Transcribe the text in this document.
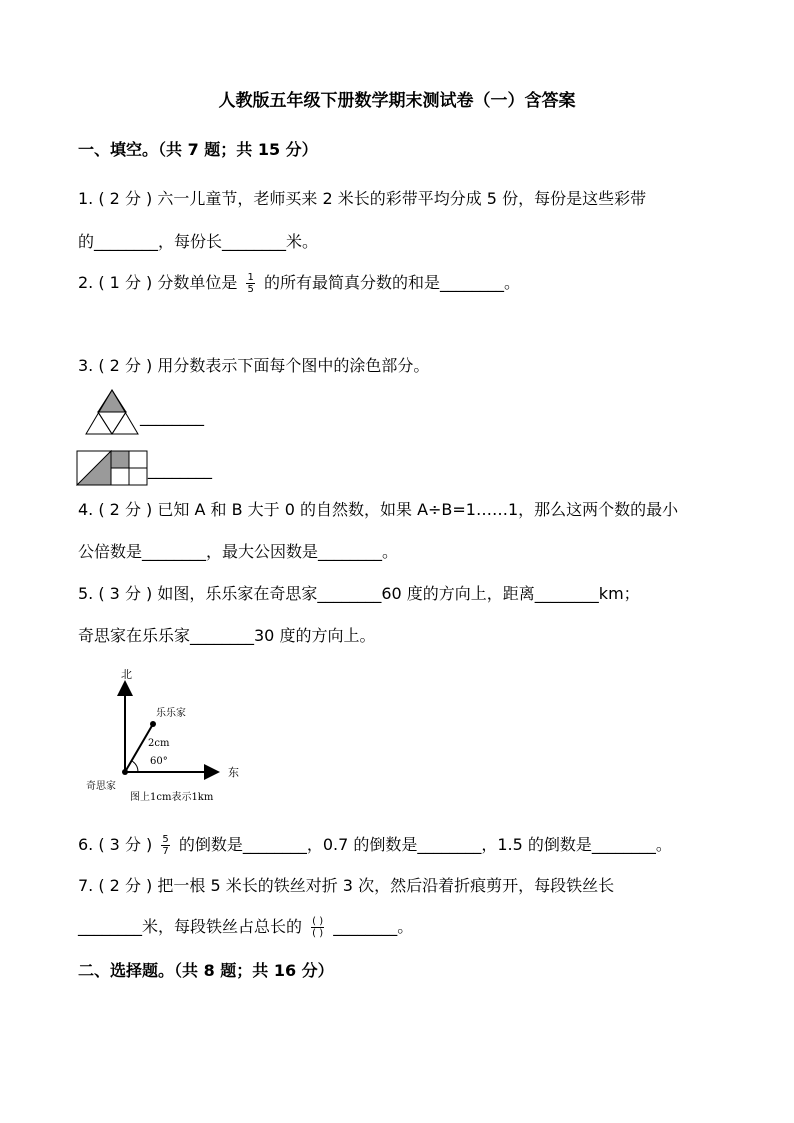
人教版五年级下册数学期末测试卷（一）含答案
一、填空。（共 7 题；共 15 分）
1. ( 2 分 ) 六一儿童节，老师买来 2 米长的彩带平均分成 5 份，每份是这些彩带
的________，每份长________米。
2. ( 1 分 ) 分数单位是 $\frac{1}{5}$ 的所有最简真分数的和是________。
3. ( 2 分 ) 用分数表示下面每个图中的涂色部分。
________
________
4. ( 2 分 ) 已知 A 和 B 大于 0 的自然数，如果 A÷B=1……1，那么这两个数的最小
公倍数是________，最大公因数是________。
5. ( 3 分 ) 如图，乐乐家在奇思家________60 度的方向上，距离________km；
奇思家在乐乐家________30 度的方向上。
北
东
乐乐家
2cm
60°
奇思家
图上1cm表示1km
6. ( 3 分 ) $\frac{5}{7}$ 的倒数是________，0.7 的倒数是________，1.5 的倒数是________。
7. ( 2 分 ) 把一根 5 米长的铁丝对折 3 次，然后沿着折痕剪开，每段铁丝长
________米，每段铁丝占总长的 $\frac{( )}{( )}$ ________。
二、选择题。（共 8 题；共 16 分）
